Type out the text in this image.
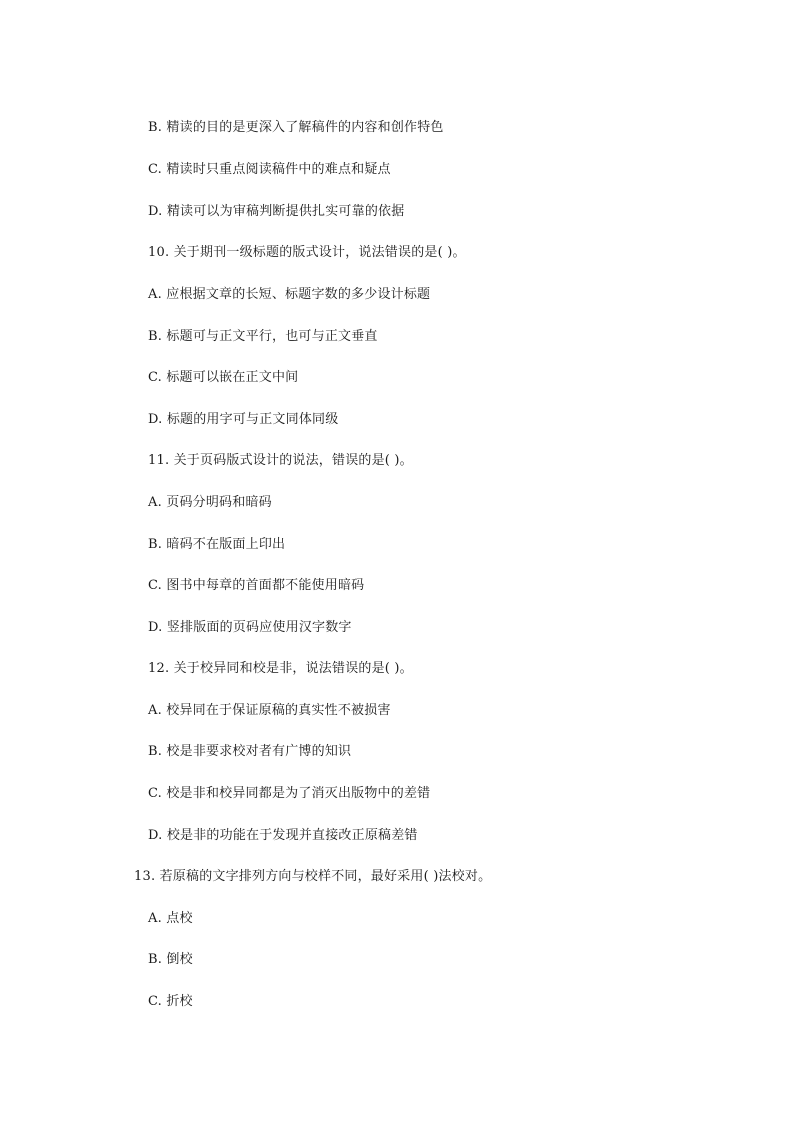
B. 精读的目的是更深入了解稿件的内容和创作特色
C. 精读时只重点阅读稿件中的难点和疑点
D. 精读可以为审稿判断提供扎实可靠的依据
10. 关于期刊一级标题的版式设计，说法错误的是( )。
A. 应根据文章的长短、标题字数的多少设计标题
B. 标题可与正文平行，也可与正文垂直
C. 标题可以嵌在正文中间
D. 标题的用字可与正文同体同级
11. 关于页码版式设计的说法，错误的是( )。
A. 页码分明码和暗码
B. 暗码不在版面上印出
C. 图书中每章的首面都不能使用暗码
D. 竖排版面的页码应使用汉字数字
12. 关于校异同和校是非，说法错误的是( )。
A. 校异同在于保证原稿的真实性不被损害
B. 校是非要求校对者有广博的知识
C. 校是非和校异同都是为了消灭出版物中的差错
D. 校是非的功能在于发现并直接改正原稿差错
13. 若原稿的文字排列方向与校样不同，最好采用( )法校对。
A. 点校
B. 倒校
C. 折校
